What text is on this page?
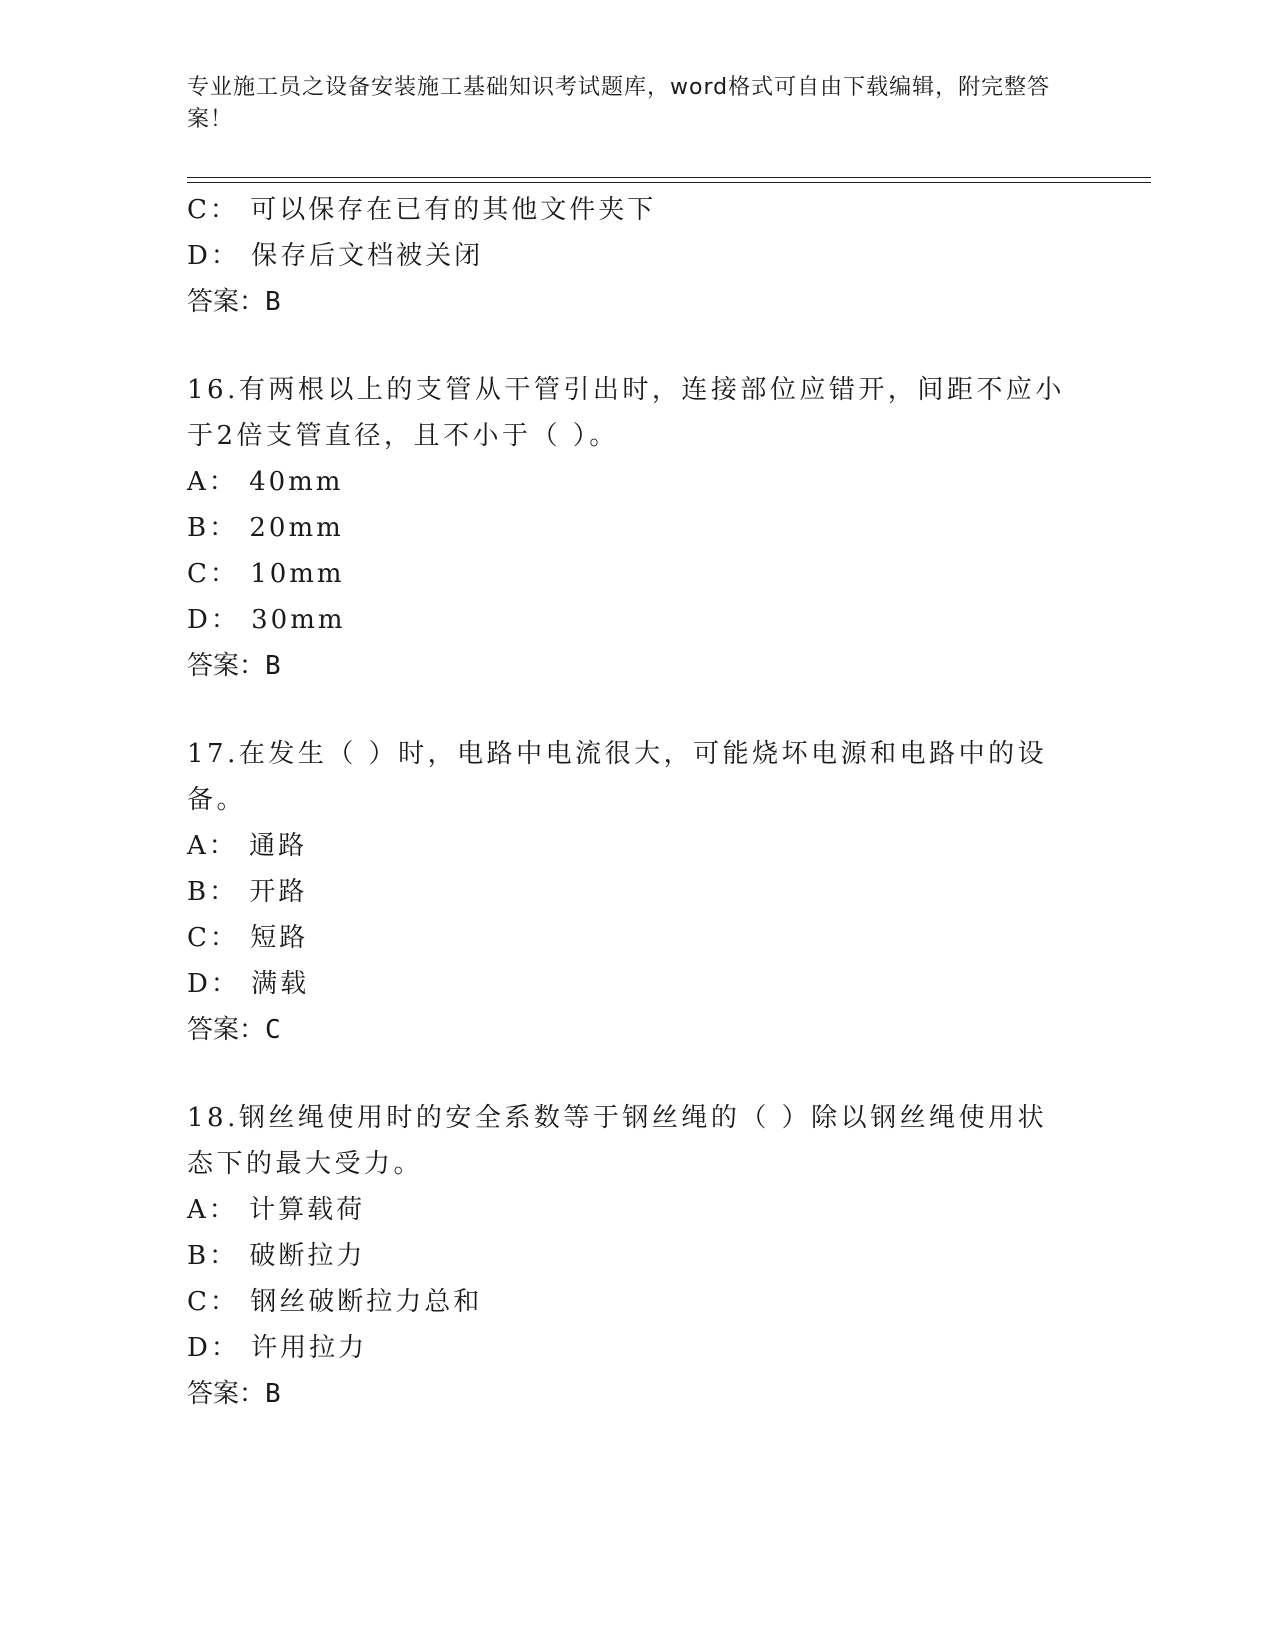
专业施工员之设备安装施工基础知识考试题库，word格式可自由下载编辑，附完整答案！
C： 可以保存在已有的其他文件夹下
D： 保存后文档被关闭
答案：B
16.有两根以上的支管从干管引出时，连接部位应错开，间距不应小于2倍支管直径，且不小于（ ）。
A： 40mm
B： 20mm
C： 10mm
D： 30mm
答案：B
17.在发生（ ）时，电路中电流很大，可能烧坏电源和电路中的设备。
A： 通路
B： 开路
C： 短路
D： 满载
答案：C
18.钢丝绳使用时的安全系数等于钢丝绳的（ ）除以钢丝绳使用状态下的最大受力。
A： 计算载荷
B： 破断拉力
C： 钢丝破断拉力总和
D： 许用拉力
答案：B
